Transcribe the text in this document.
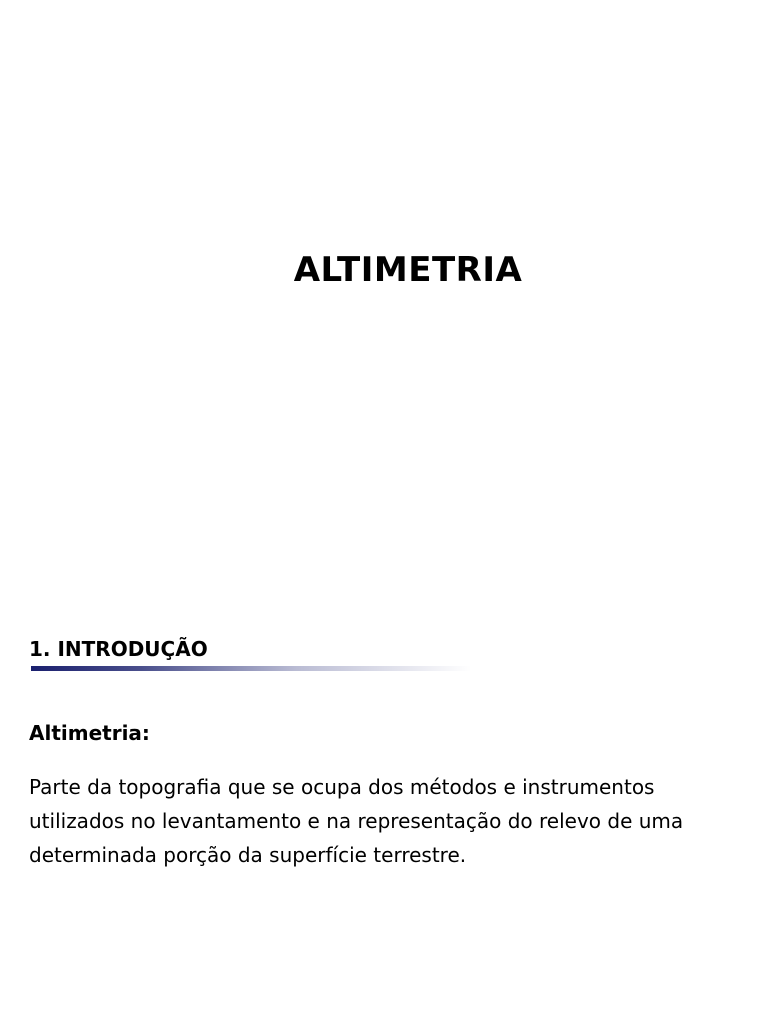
ALTIMETRIA
1. INTRODUÇÃO
Altimetria:

Parte da topografia que se ocupa dos métodos e instrumentos utilizados no levantamento e na representação do relevo de uma determinada porção da superfície terrestre.
